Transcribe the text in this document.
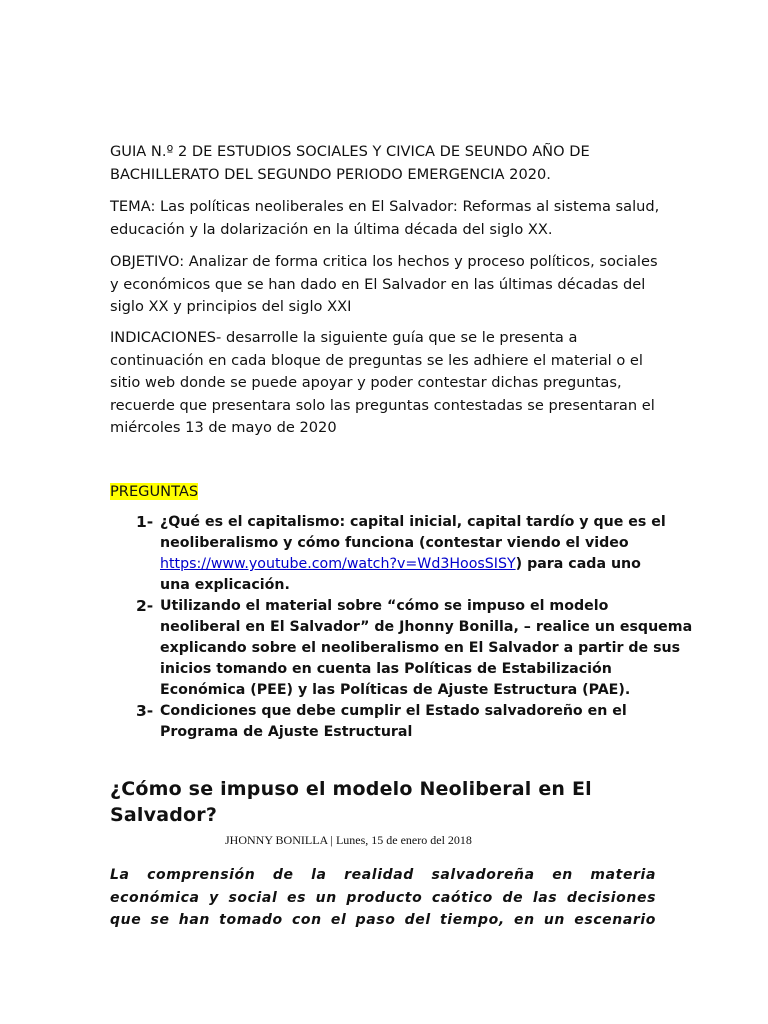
GUIA N.º 2 DE ESTUDIOS SOCIALES Y CIVICA DE SEUNDO AÑO DE
BACHILLERATO DEL SEGUNDO PERIODO EMERGENCIA 2020.

TEMA: Las políticas neoliberales en El Salvador: Reformas al sistema salud,
educación y la dolarización en la última década del siglo XX.

OBJETIVO: Analizar de forma critica los hechos y proceso políticos, sociales
y económicos que se han dado en El Salvador en las últimas décadas del
siglo XX y principios del siglo XXI

INDICACIONES- desarrolle la siguiente guía que se le presenta a
continuación en cada bloque de preguntas se les adhiere el material o el
sitio web donde se puede apoyar y poder contestar dichas preguntas,
recuerde que presentara solo las preguntas contestadas se presentaran el
miércoles 13 de mayo de 2020

PREGUNTAS

1- ¿Qué es el capitalismo: capital inicial, capital tardío y que es el
neoliberalismo y cómo funciona (contestar viendo el video
https://www.youtube.com/watch?v=Wd3HoosSISY) para cada uno
una explicación.
2- Utilizando el material sobre “cómo se impuso el modelo
neoliberal en El Salvador” de Jhonny Bonilla, – realice un esquema
explicando sobre el neoliberalismo en El Salvador a partir de sus
inicios tomando en cuenta las Políticas de Estabilización
Económica (PEE) y las Políticas de Ajuste Estructura (PAE).
3- Condiciones que debe cumplir el Estado salvadoreño en el
Programa de Ajuste Estructural
¿Cómo se impuso el modelo Neoliberal en El
Salvador?
JHONNY BONILLA | Lunes, 15 de enero del 2018

La comprensión de la realidad salvadoreña en materia
económica y social es un producto caótico de las decisiones
que se han tomado con el paso del tiempo, en un escenario
